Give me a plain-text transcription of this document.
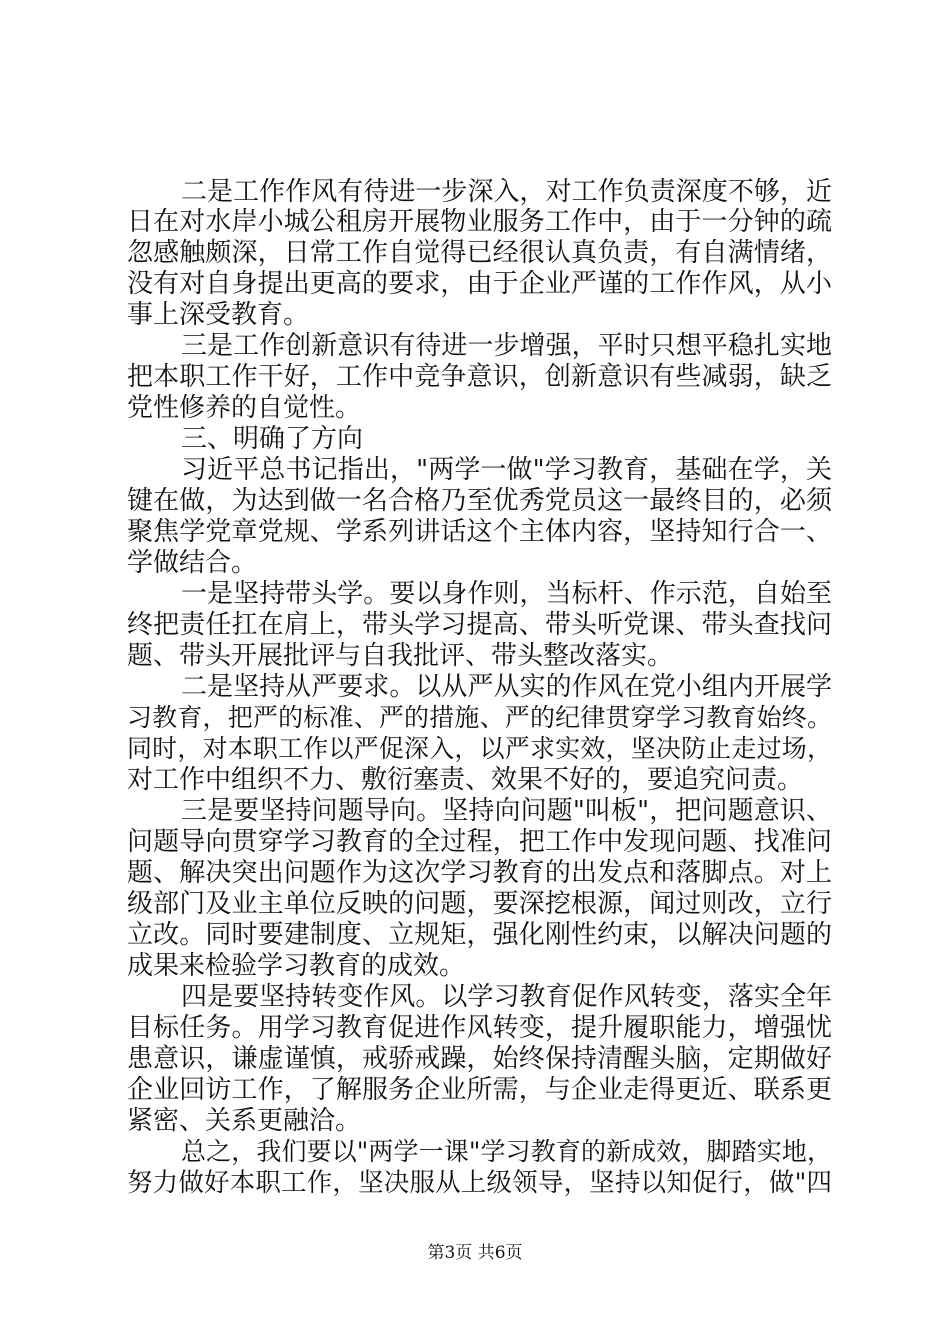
二是工作作风有待进一步深入，对工作负责深度不够，近
日在对水岸小城公租房开展物业服务工作中，由于一分钟的疏
忽感触颇深，日常工作自觉得已经很认真负责，有自满情绪，
没有对自身提出更高的要求，由于企业严谨的工作作风，从小
事上深受教育。
三是工作创新意识有待进一步增强，平时只想平稳扎实地
把本职工作干好，工作中竞争意识，创新意识有些减弱，缺乏
党性修养的自觉性。
三、明确了方向
习近平总书记指出，"两学一做"学习教育，基础在学，关
键在做，为达到做一名合格乃至优秀党员这一最终目的，必须
聚焦学党章党规、学系列讲话这个主体内容，坚持知行合一、
学做结合。
一是坚持带头学。要以身作则，当标杆、作示范，自始至
终把责任扛在肩上，带头学习提高、带头听党课、带头查找问
题、带头开展批评与自我批评、带头整改落实。
二是坚持从严要求。以从严从实的作风在党小组内开展学
习教育，把严的标准、严的措施、严的纪律贯穿学习教育始终。
同时，对本职工作以严促深入，以严求实效，坚决防止走过场，
对工作中组织不力、敷衍塞责、效果不好的，要追究问责。
三是要坚持问题导向。坚持向问题"叫板"，把问题意识、
问题导向贯穿学习教育的全过程，把工作中发现问题、找准问
题、解决突出问题作为这次学习教育的出发点和落脚点。对上
级部门及业主单位反映的问题，要深挖根源，闻过则改，立行
立改。同时要建制度、立规矩，强化刚性约束，以解决问题的
成果来检验学习教育的成效。
四是要坚持转变作风。以学习教育促作风转变，落实全年
目标任务。用学习教育促进作风转变，提升履职能力，增强忧
患意识，谦虚谨慎，戒骄戒躁，始终保持清醒头脑，定期做好
企业回访工作，了解服务企业所需，与企业走得更近、联系更
紧密、关系更融洽。
总之，我们要以"两学一课"学习教育的新成效，脚踏实地，
努力做好本职工作，坚决服从上级领导，坚持以知促行，做"四
第3页 共6页
